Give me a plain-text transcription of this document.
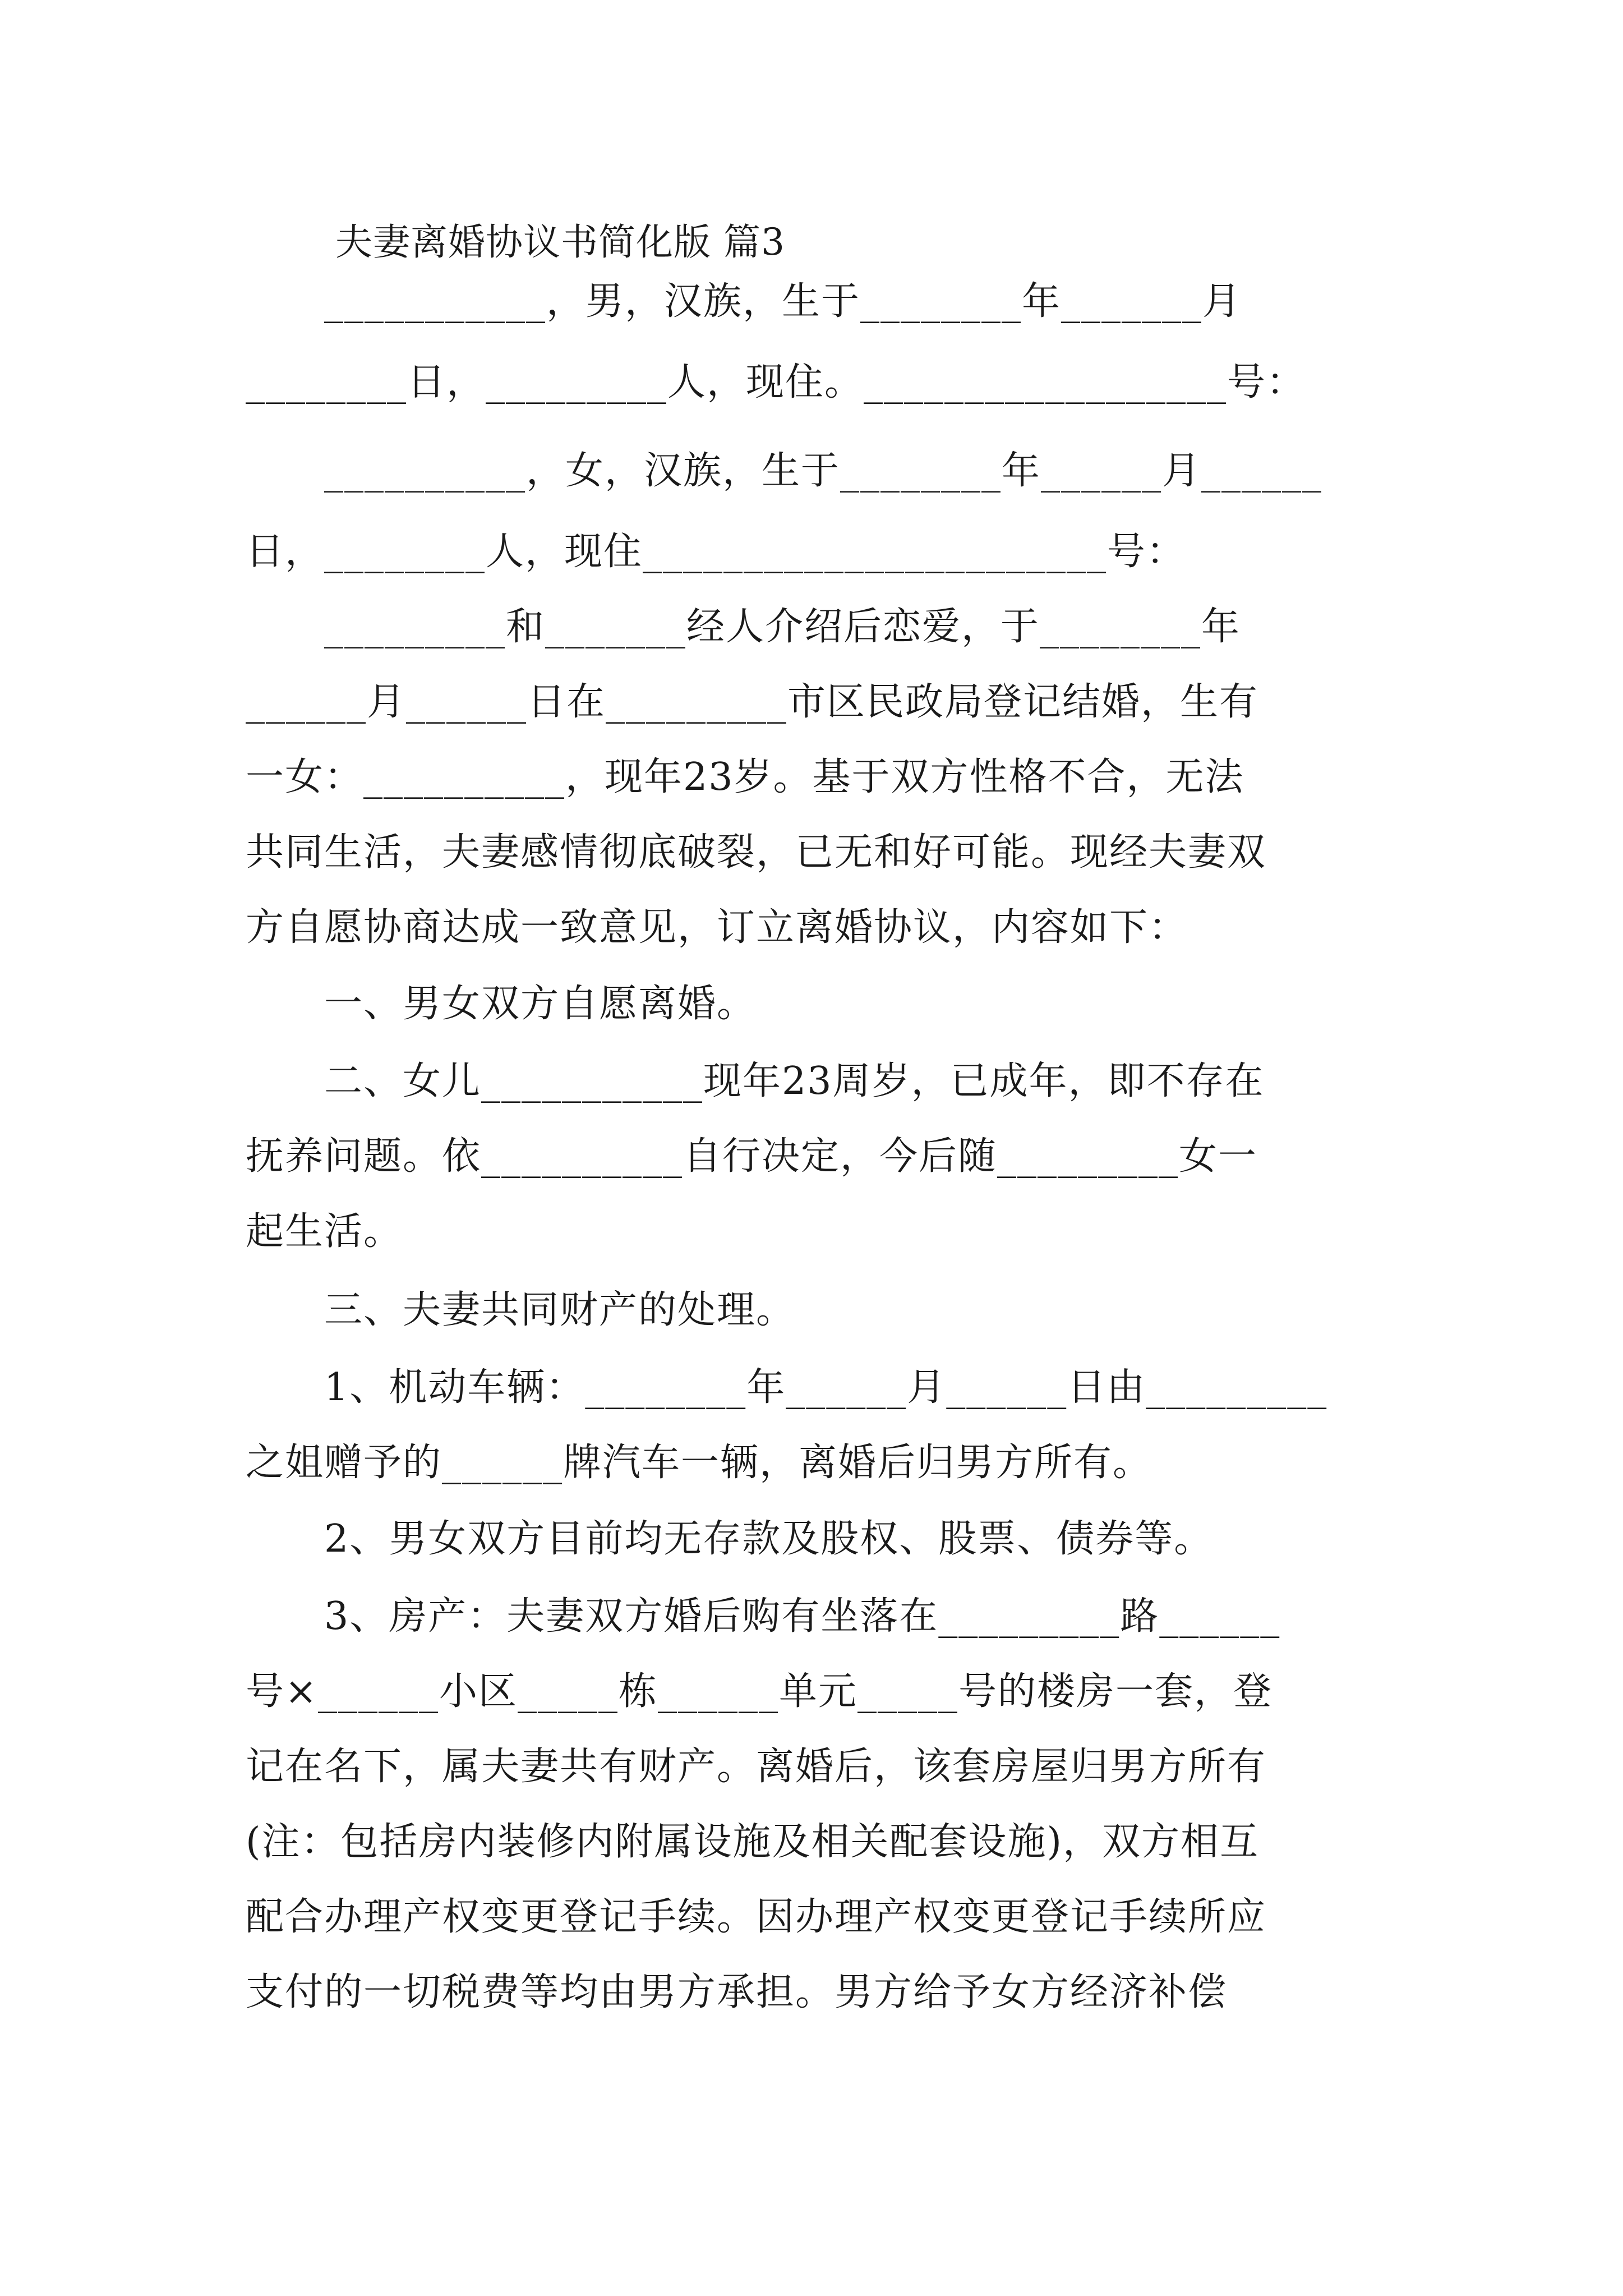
夫妻离婚协议书简化版 篇3
　　___________，男，汉族，生于________年_______月
________日，_________人，现住。__________________号：
　　__________，女，汉族，生于________年______月______
日，________人，现住_______________________号：
　　_________和_______经人介绍后恋爱，于________年
______月______日在_________市区民政局登记结婚，生有
一女：__________，现年23岁。基于双方性格不合，无法
共同生活，夫妻感情彻底破裂，已无和好可能。现经夫妻双
方自愿协商达成一致意见，订立离婚协议，内容如下：
　　一、男女双方自愿离婚。
　　二、女儿___________现年23周岁，已成年，即不存在
抚养问题。依__________自行决定，今后随_________女一
起生活。
　　三、夫妻共同财产的处理。
　　1、机动车辆：________年______月______日由_________
之姐赠予的______牌汽车一辆，离婚后归男方所有。
　　2、男女双方目前均无存款及股权、股票、债券等。
　　3、房产：夫妻双方婚后购有坐落在_________路______
号×______小区_____栋______单元_____号的楼房一套，登
记在名下，属夫妻共有财产。离婚后，该套房屋归男方所有
(注：包括房内装修内附属设施及相关配套设施)，双方相互
配合办理产权变更登记手续。因办理产权变更登记手续所应
支付的一切税费等均由男方承担。男方给予女方经济补偿
